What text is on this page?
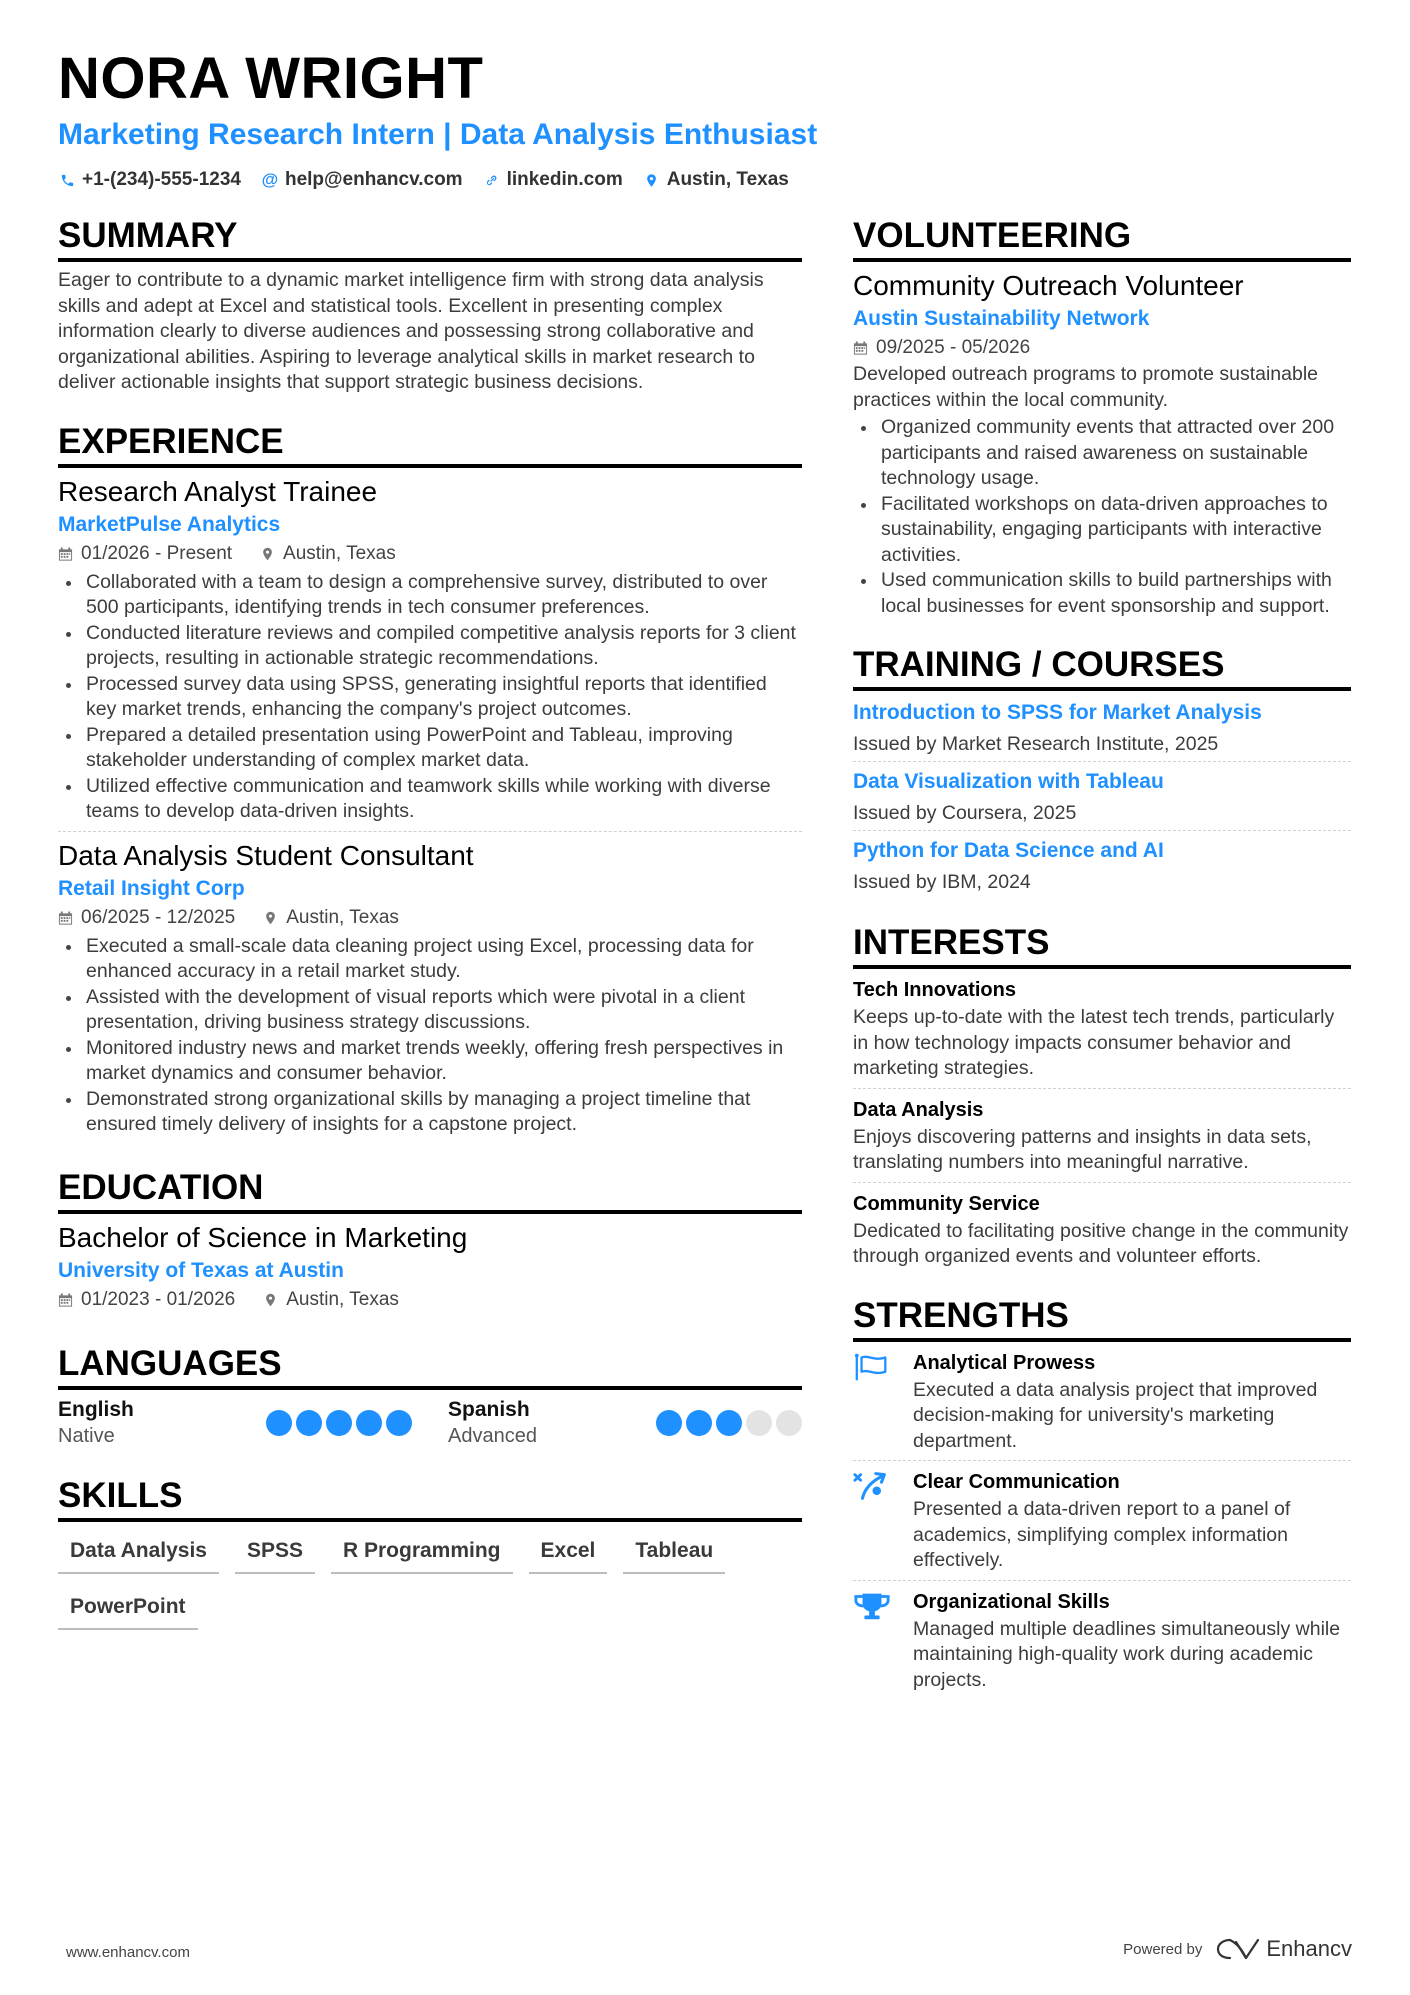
NORA WRIGHT
Marketing Research Intern | Data Analysis Enthusiast
+1-(234)-555-1234 @ help@enhancv.com linkedin.com Austin, Texas
SUMMARY

Eager to contribute to a dynamic market intelligence firm with strong data analysis skills and adept at Excel and statistical tools. Excellent in presenting complex information clearly to diverse audiences and possessing strong collaborative and organizational abilities. Aspiring to leverage analytical skills in market research to deliver actionable insights that support strategic business decisions.

EXPERIENCE
Research Analyst Trainee
MarketPulse Analytics
01/2026 - Present	Austin, Texas
Collaborated with a team to design a comprehensive survey, distributed to over 500 participants, identifying trends in tech consumer preferences.
Conducted literature reviews and compiled competitive analysis reports for 3 client projects, resulting in actionable strategic recommendations.
Processed survey data using SPSS, generating insightful reports that identified key market trends, enhancing the company's project outcomes.
Prepared a detailed presentation using PowerPoint and Tableau, improving stakeholder understanding of complex market data.
Utilized effective communication and teamwork skills while working with diverse teams to develop data-driven insights.
Data Analysis Student Consultant
Retail Insight Corp
06/2025 - 12/2025	Austin, Texas
Executed a small-scale data cleaning project using Excel, processing data for enhanced accuracy in a retail market study.
Assisted with the development of visual reports which were pivotal in a client presentation, driving business strategy discussions.
Monitored industry news and market trends weekly, offering fresh perspectives in market dynamics and consumer behavior.
Demonstrated strong organizational skills by managing a project timeline that ensured timely delivery of insights for a capstone project.
EDUCATION
Bachelor of Science in Marketing
University of Texas at Austin
01/2023 - 01/2026	Austin, Texas
LANGUAGES
English
Native
Spanish
Advanced
SKILLS
Data Analysis	SPSS	R Programming	Excel	Tableau
PowerPoint
VOLUNTEERING
Community Outreach Volunteer
Austin Sustainability Network
09/2025 - 05/2026

Developed outreach programs to promote sustainable practices within the local community.

Organized community events that attracted over 200 participants and raised awareness on sustainable technology usage.
Facilitated workshops on data-driven approaches to sustainability, engaging participants with interactive activities.
Used communication skills to build partnerships with local businesses for event sponsorship and support.
TRAINING / COURSES
Introduction to SPSS for Market Analysis
Issued by Market Research Institute, 2025
Data Visualization with Tableau
Issued by Coursera, 2025
Python for Data Science and AI
Issued by IBM, 2024
INTERESTS
Tech Innovations

Keeps up-to-date with the latest tech trends, particularly in how technology impacts consumer behavior and marketing strategies.

Data Analysis

Enjoys discovering patterns and insights in data sets, translating numbers into meaningful narrative.

Community Service

Dedicated to facilitating positive change in the community through organized events and volunteer efforts.

STRENGTHS
Analytical Prowess

Executed a data analysis project that improved decision-making for university's marketing department.

Clear Communication

Presented a data-driven report to a panel of academics, simplifying complex information effectively.

Organizational Skills

Managed multiple deadlines simultaneously while maintaining high-quality work during academic projects.

www.enhancv.com	Powered by	Enhancv
